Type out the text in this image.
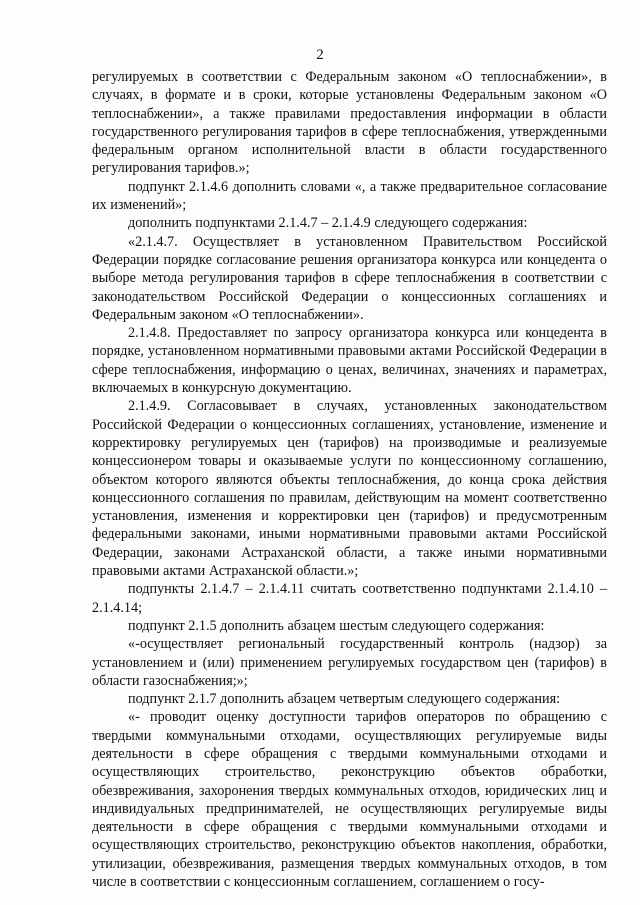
2

регулируемых в соответствии с Федеральным законом «О теплоснабжении», в случаях, в формате и в сроки, которые установлены Федеральным законом «О теплоснабжении», а также правилами предоставления информации в области государственного регулирования тарифов в сфере теплоснабжения, утвержденными федеральным органом исполнительной власти в области государственного регулирования тарифов.»;

подпункт 2.1.4.6 дополнить словами «, а также предварительное согласование их изменений»;

дополнить подпунктами 2.1.4.7 – 2.1.4.9 следующего содержания:

«2.1.4.7. Осуществляет в установленном Правительством Российской Федерации порядке согласование решения организатора конкурса или концедента о выборе метода регулирования тарифов в сфере теплоснабжения в соответствии с законодательством Российской Федерации о концессионных соглашениях и Федеральным законом «О теплоснабжении».

2.1.4.8. Предоставляет по запросу организатора конкурса или концедента в порядке, установленном нормативными правовыми актами Российской Федерации в сфере теплоснабжения, информацию о ценах, величинах, значениях и параметрах, включаемых в конкурсную документацию.

2.1.4.9. Согласовывает в случаях, установленных законодательством Российской Федерации о концессионных соглашениях, установление, изменение и корректировку регулируемых цен (тарифов) на производимые и реализуемые концессионером товары и оказываемые услуги по концессионному соглашению, объектом которого являются объекты теплоснабжения, до конца срока действия концессионного соглашения по правилам, действующим на момент соответственно установления, изменения и корректировки цен (тарифов) и предусмотренным федеральными законами, иными нормативными правовыми актами Российской Федерации, законами Астраханской области, а также иными нормативными правовыми актами Астраханской области.»;

подпункты 2.1.4.7 – 2.1.4.11 считать соответственно подпунктами 2.1.4.10 – 2.1.4.14;

подпункт 2.1.5 дополнить абзацем шестым следующего содержания:

«-осуществляет региональный государственный контроль (надзор) за установлением и (или) применением регулируемых государством цен (тарифов) в области газоснабжения;»;

подпункт 2.1.7 дополнить абзацем четвертым следующего содержания:

«- проводит оценку доступности тарифов операторов по обращению с твердыми коммунальными отходами, осуществляющих регулируемые виды деятельности в сфере обращения с твердыми коммунальными отходами и осуществляющих строительство, реконструкцию объектов обработки, обезвреживания, захоронения твердых коммунальных отходов, юридических лиц и индивидуальных предпринимателей, не осуществляющих регулируемые виды деятельности в сфере обращения с твердыми коммунальными отходами и осуществляющих строительство, реконструкцию объектов накопления, обработки, утилизации, обезвреживания, размещения твердых коммунальных отходов, в том числе в соответствии с концессионным соглашением, соглашением о госу-
